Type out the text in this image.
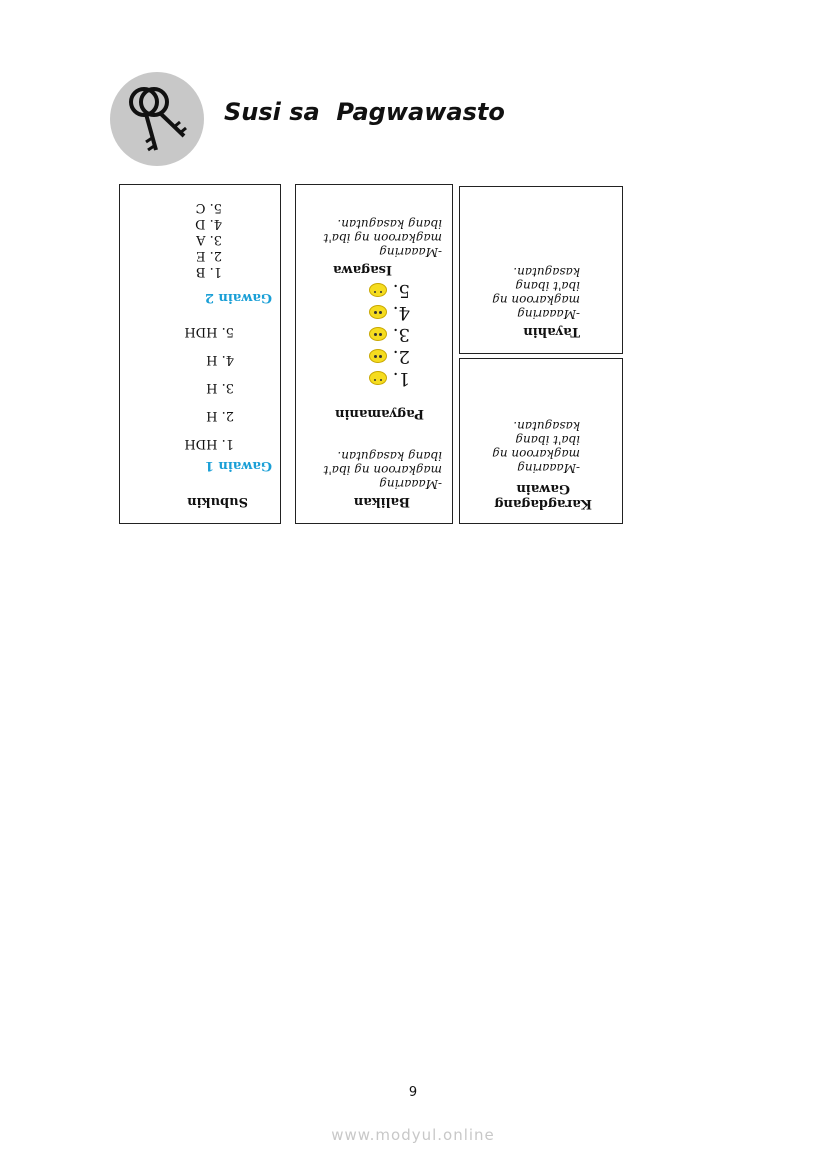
Susi sa  Pagwawasto
Subukin
Gawain 1
1. HDH
2. H
3. H
4. H
5. HDH
Gawain 2
1. B
2. E
3. A
4. D
5. C
Balikan
-Maaaring
magkaroon ng iba't
ibang kasagutan.
Pagyamanin
1.
2.
3.
4.
5.
Isagawa
-Maaaring
magkaroon ng iba't
ibang kasagutan.
Karagdagang
Gawain
-Maaaring
magkaroon ng
iba't ibang
kasagutan.
Tayahin
-Maaaring
magkaroon ng
iba't ibang
kasagutan.
9
www.modyul.online
